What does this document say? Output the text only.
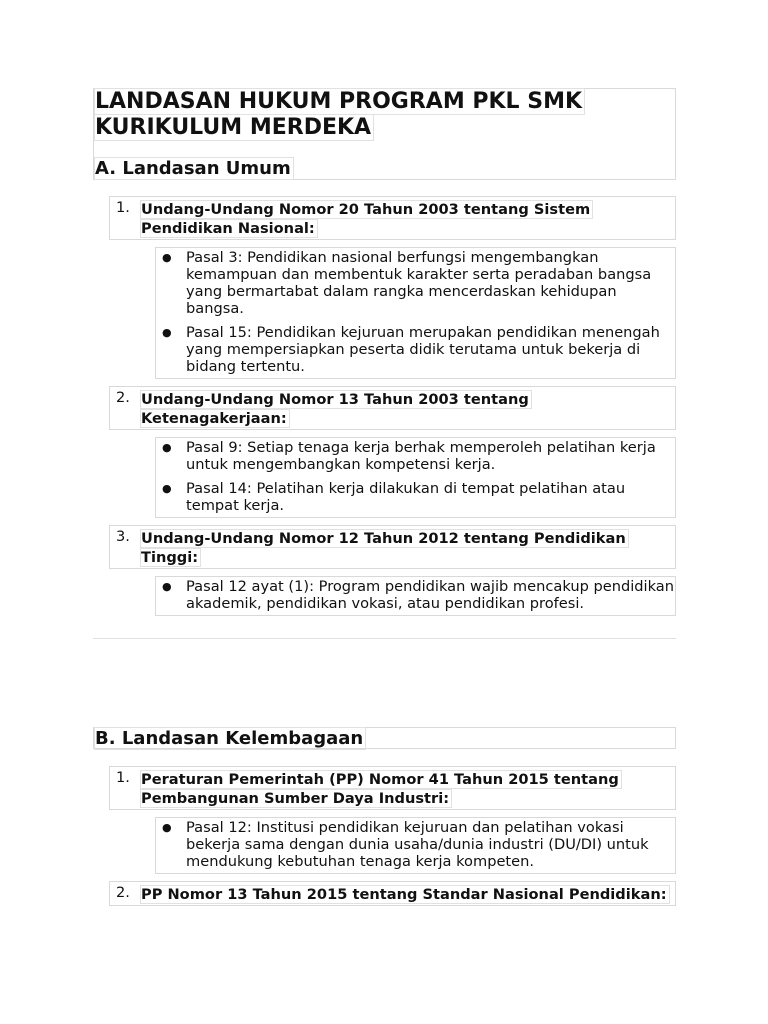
LANDASAN HUKUM PROGRAM PKL SMK KURIKULUM MERDEKA
A. Landasan Umum
1. Undang-Undang Nomor 20 Tahun 2003 tentang Sistem Pendidikan Nasional:
● Pasal 3: Pendidikan nasional berfungsi mengembangkan kemampuan dan membentuk karakter serta peradaban bangsa yang bermartabat dalam rangka mencerdaskan kehidupan bangsa.
● Pasal 15: Pendidikan kejuruan merupakan pendidikan menengah yang mempersiapkan peserta didik terutama untuk bekerja di bidang tertentu.
2. Undang-Undang Nomor 13 Tahun 2003 tentang Ketenagakerjaan:
● Pasal 9: Setiap tenaga kerja berhak memperoleh pelatihan kerja untuk mengembangkan kompetensi kerja.
● Pasal 14: Pelatihan kerja dilakukan di tempat pelatihan atau tempat kerja.
3. Undang-Undang Nomor 12 Tahun 2012 tentang Pendidikan Tinggi:
● Pasal 12 ayat (1): Program pendidikan wajib mencakup pendidikan akademik, pendidikan vokasi, atau pendidikan profesi.
B. Landasan Kelembagaan
1. Peraturan Pemerintah (PP) Nomor 41 Tahun 2015 tentang Pembangunan Sumber Daya Industri:
● Pasal 12: Institusi pendidikan kejuruan dan pelatihan vokasi bekerja sama dengan dunia usaha/dunia industri (DU/DI) untuk mendukung kebutuhan tenaga kerja kompeten.
2. PP Nomor 13 Tahun 2015 tentang Standar Nasional Pendidikan:
